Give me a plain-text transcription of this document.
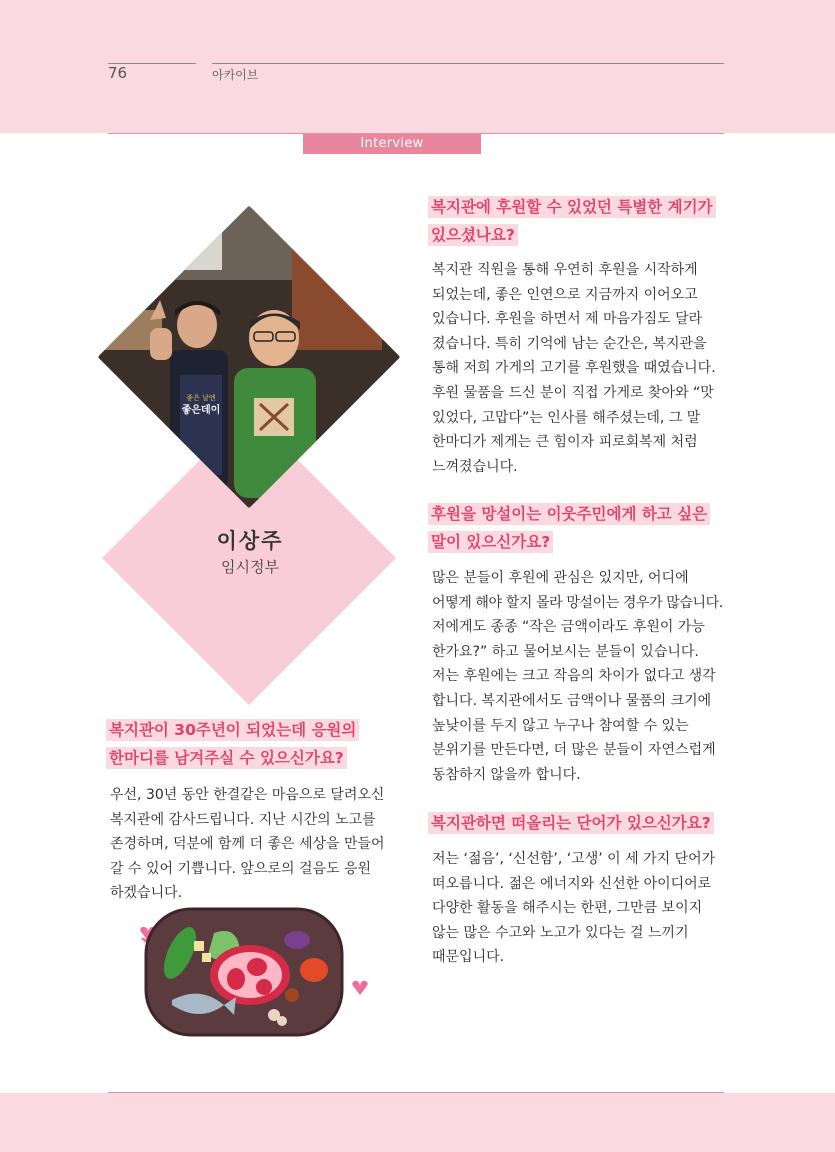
76	아카이브
Interview
이상주
임시정부
좋은 날엔
좋은데이
복지관에 후원할 수 있었던 특별한 계기가
있으셨나요?
복지관 직원을 통해 우연히 후원을 시작하게
되었는데, 좋은 인연으로 지금까지 이어오고
있습니다. 후원을 하면서 제 마음가짐도 달라
졌습니다. 특히 기억에 남는 순간은, 복지관을
통해 저희 가게의 고기를 후원했을 때였습니다.
후원 물품을 드신 분이 직접 가게로 찾아와 “맛
있었다, 고맙다”는 인사를 해주셨는데, 그 말
한마디가 제게는 큰 힘이자 피로회복제 처럼
느껴졌습니다.
후원을 망설이는 이웃주민에게 하고 싶은
말이 있으신가요?
많은 분들이 후원에 관심은 있지만, 어디에
어떻게 해야 할지 몰라 망설이는 경우가 많습니다.
저에게도 종종 “작은 금액이라도 후원이 가능
한가요?” 하고 물어보시는 분들이 있습니다.
저는 후원에는 크고 작음의 차이가 없다고 생각
합니다. 복지관에서도 금액이나 물품의 크기에
높낮이를 두지 않고 누구나 참여할 수 있는
분위기를 만든다면, 더 많은 분들이 자연스럽게
동참하지 않을까 합니다.
복지관하면 떠올리는 단어가 있으신가요?
저는 ‘젊음’, ‘신선함’, ‘고생’ 이 세 가지 단어가
떠오릅니다. 젊은 에너지와 신선한 아이디어로
다양한 활동을 해주시는 한편, 그만큼 보이지
않는 많은 수고와 노고가 있다는 걸 느끼기
때문입니다.
복지관이 30주년이 되었는데 응원의
한마디를 남겨주실 수 있으신가요?
우선, 30년 동안 한결같은 마음으로 달려오신
복지관에 감사드립니다. 지난 시간의 노고를
존경하며, 덕분에 함께 더 좋은 세상을 만들어
갈 수 있어 기쁩니다. 앞으로의 걸음도 응원
하겠습니다.
